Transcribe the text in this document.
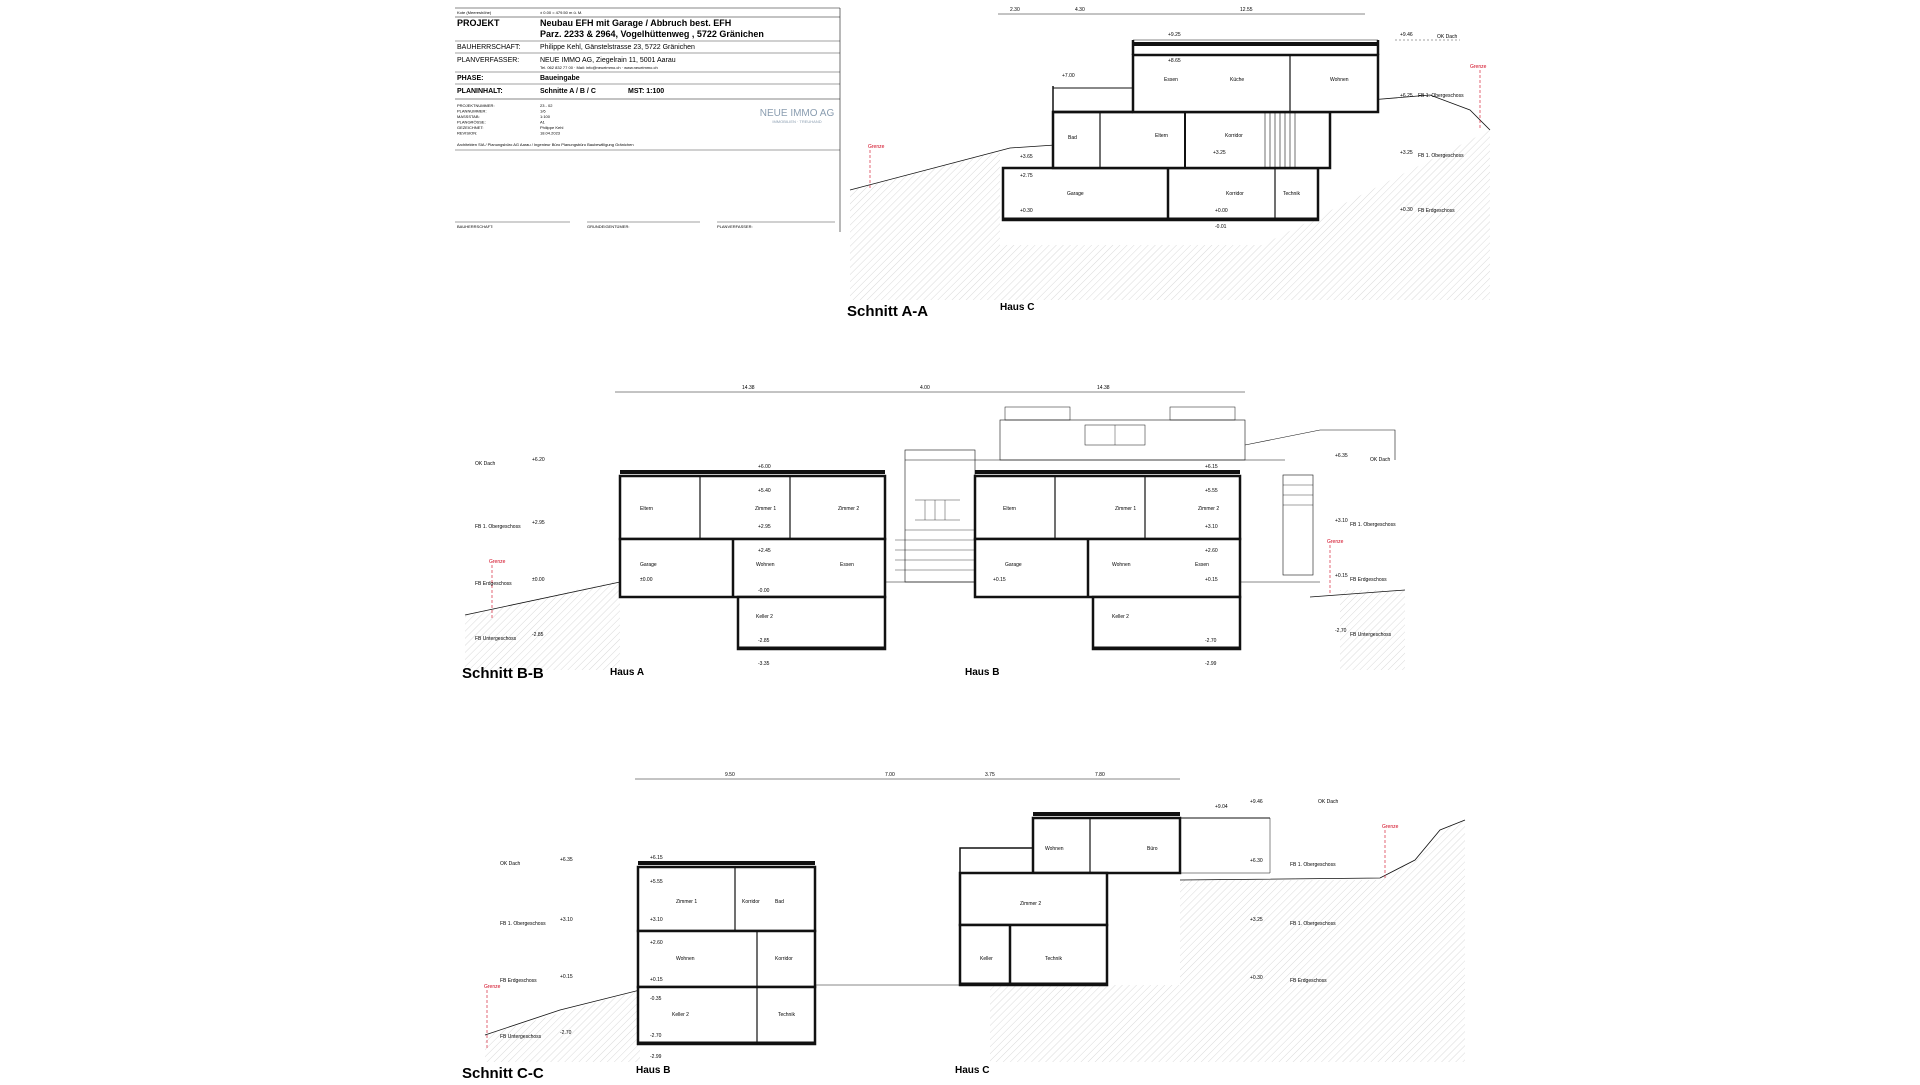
Kote (Meereshöhe)	± 0.00 = 479.50 m ü. M.
PROJEKT	Neubau EFH mit Garage / Abbruch best. EFH
Parz. 2233 & 2964, Vogelhüttenweg , 5722 Gränichen
BAUHERRSCHAFT:	Philippe Kehl, Gänstelstrasse 23, 5722 Gränichen
PLANVERFASSER:	NEUE IMMO AG, Ziegelrain 11, 5001 Aarau
Tel. 062 832 77 00 · Mail: info@neueimmo.ch · www.neueimmo.ch
PHASE:	Baueingabe
PLANINHALT:	Schnitte A / B / C	MST: 1:100
PROJEKTNUMMER:	23 - 02
PLANNUMMER:	1/6
MASSSTAB:	1:100
PLANGRÖSSE:	A1
GEZEICHNET:	Philippe Kehl
REVISION:	18.04.2023
NEUE IMMO AG
IMMOBILIEN · TREUHAND
Architekten SIA / Planungsbüro AG Aarau / Ingenieur Büro Planungsbüro Baubewilligung Gränichen
BAUHERRSCHAFT:	GRUNDEIGENTÜMER:	PLANVERFASSER:
Essen	Küche	Wohnen
Bad	Eltern	Korridor
Garage	Korridor	Technik
+9.25
+8.65
+7.00
+3.65
+2.75
+3.25
+0.30	+0.00
-0.01
+9.46	OK Dach
+6.25 FB 1. Obergeschoss
+3.25 FB 1. Obergeschoss
+0.30 FB Erdgeschoss
2.30	4.30	12.55
Grenze
Grenze
Schnitt A-A	Haus C
Eltern	Zimmer 1	Zimmer 2
Garage	Wohnen	Essen
Keller 2
+6.00
+5.40
+2.95
+2.45
±0.00
-0.00
-2.85
-3.35
Eltern	Zimmer 1	Zimmer 2
Garage	Wohnen	Essen
Keller 2
+6.15
+5.55
+3.10
+2.60
+0.15	+0.15
-2.70
-2.99
OK Dach
+6.20
FB 1. Obergeschoss
+2.95
FB Erdgeschoss
±0.00
FB Untergeschoss
-2.85
+6.35
OK Dach
+3.10
FB 1. Obergeschoss
+0.15
FB Erdgeschoss
-2.70
FB Untergeschoss
14.38	4.00	14.38
Grenze
Grenze
Schnitt B-B	Haus A	Haus B
Zimmer 1	Korridor	Bad
Wohnen	Korridor
Keller 2	Technik
+6.15
+5.55
+3.10
+2.60
+0.15
-0.35
-2.70
-2.99
Wohnen	Büro
Zimmer 2
Keller	Technik
+9.04
+9.46
+6.30
+3.25
+0.30
OK Dach
+6.35
FB 1. Obergeschoss
+3.10
FB Erdgeschoss
+0.15
FB Untergeschoss
-2.70
OK Dach
FB 1. Obergeschoss
FB 1. Obergeschoss
FB Erdgeschoss
9.50	7.00	3.75	7.80
Grenze
Grenze
Schnitt C-C	Haus B	Haus C
